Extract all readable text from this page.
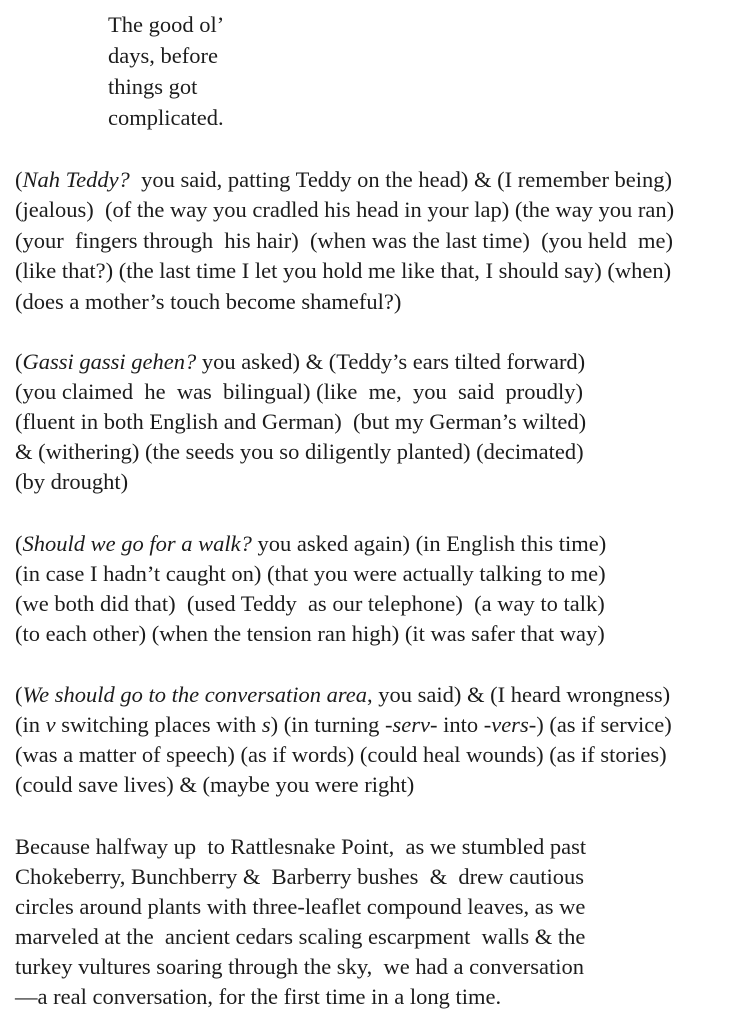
The good ol’
days, before
things got
complicated.
(Nah Teddy?  you said, patting Teddy on the head) & (I remember being)
(jealous)  (of the way you cradled his head in your lap) (the way you ran)
(your  fingers through  his hair)  (when was the last time)  (you held  me)
(like that?) (the last time I let you hold me like that, I should say) (when)
(does a mother’s touch become shameful?)
(Gassi gassi gehen? you asked) & (Teddy’s ears tilted forward)
(you claimed  he  was  bilingual) (like  me,  you  said  proudly)
(fluent in both English and German)  (but my German’s wilted)
& (withering) (the seeds you so diligently planted) (decimated)
(by drought)
(Should we go for a walk? you asked again) (in English this time)
(in case I hadn’t caught on) (that you were actually talking to me)
(we both did that)  (used Teddy  as our telephone)  (a way to talk)
(to each other) (when the tension ran high) (it was safer that way)
(We should go to the conversation area, you said) & (I heard wrongness)
(in v switching places with s) (in turning -serv- into -vers-) (as if service)
(was a matter of speech) (as if words) (could heal wounds) (as if stories)
(could save lives) & (maybe you were right)
Because halfway up  to Rattlesnake Point,  as we stumbled past
Chokeberry, Bunchberry &  Barberry bushes  &  drew cautious
circles around plants with three-leaflet compound leaves, as we
marveled at the  ancient cedars scaling escarpment  walls & the
turkey vultures soaring through the sky,  we had a conversation
—a real conversation, for the first time in a long time.
